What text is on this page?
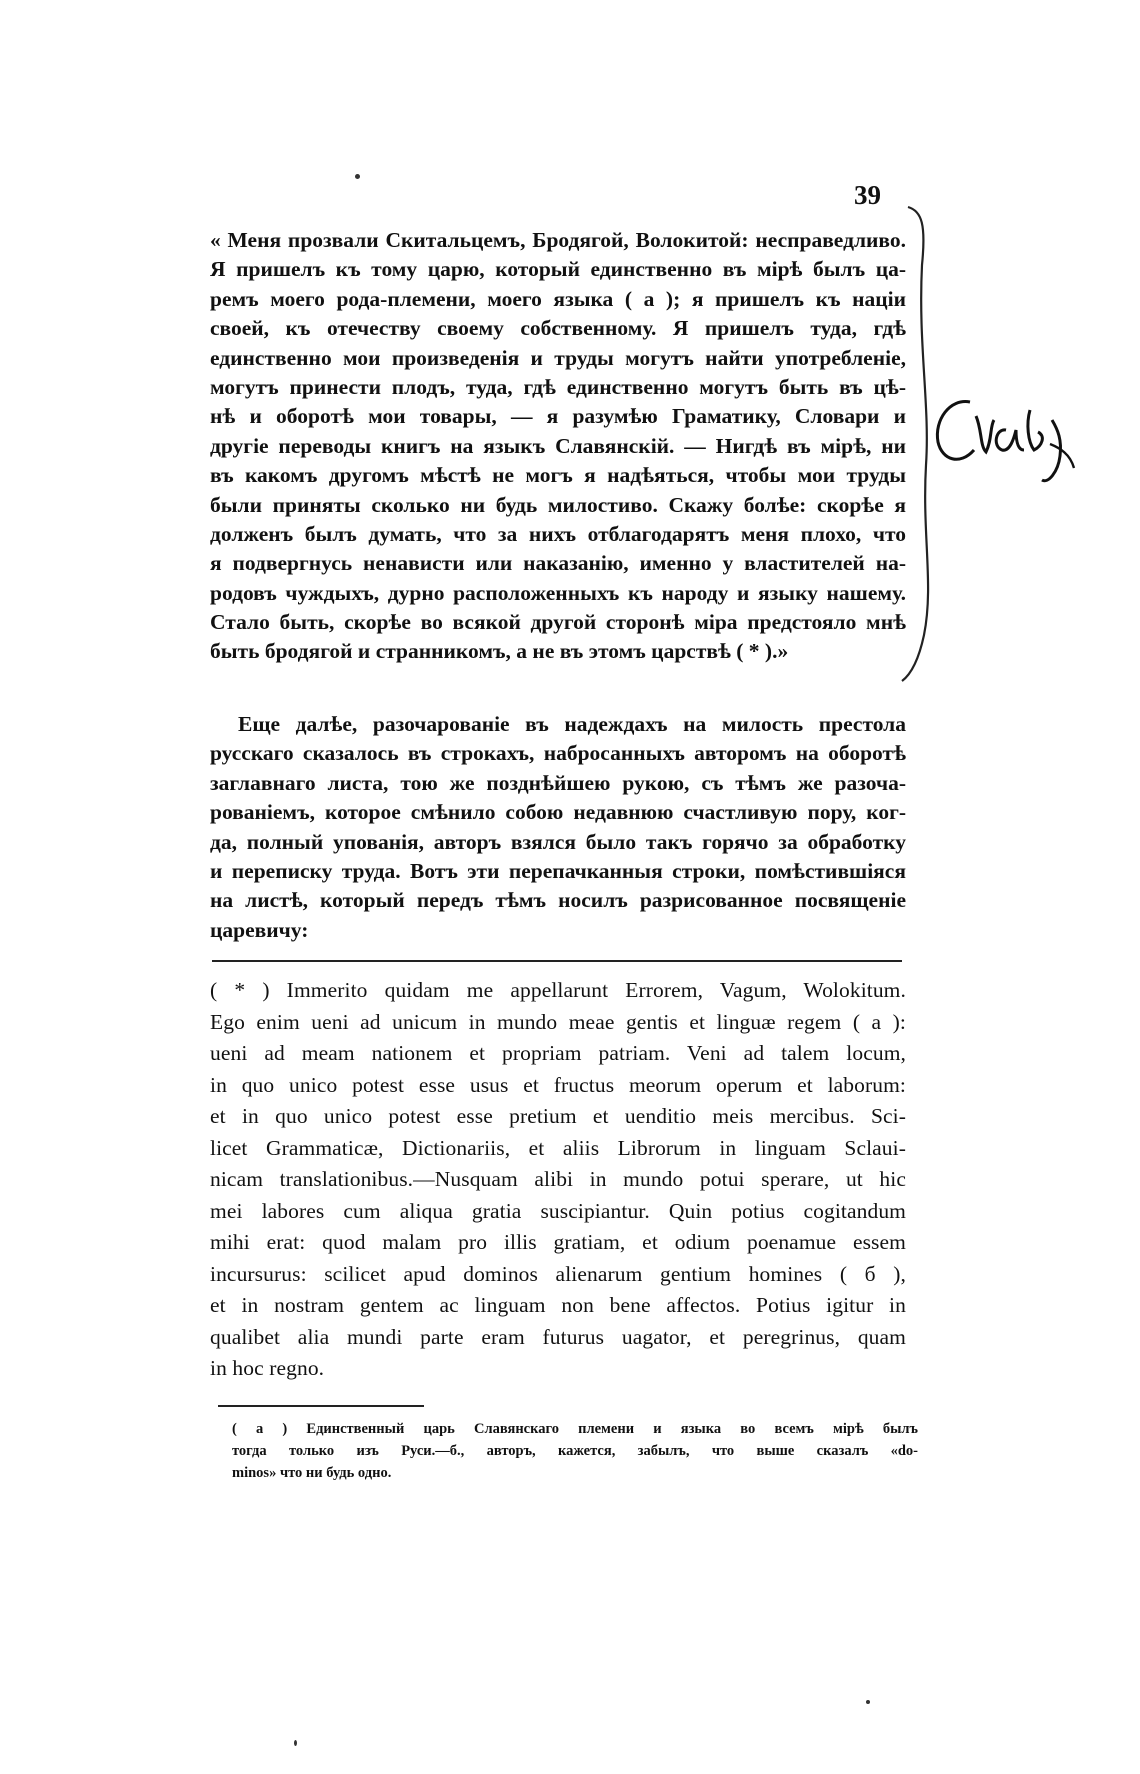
39
« Меня прозвали Скитальцемъ, Бродягой, Волокитой: несправедливо.
Я пришелъ къ тому царю, который единственно въ мірѣ былъ ца-
ремъ моего рода-племени, моего языка ( а ); я пришелъ къ націи
своей, къ отечеству своему собственному. Я пришелъ туда, гдѣ
единственно мои произведенія и труды могутъ найти употребленіе,
могутъ принести плодъ, туда, гдѣ единственно могутъ быть въ цѣ-
нѣ и оборотѣ мои товары, — я разумѣю Граматику, Словари и
другіе переводы книгъ на языкъ Славянскій. — Нигдѣ въ мірѣ, ни
въ какомъ другомъ мѣстѣ не могъ я надѣяться, чтобы мои труды
были приняты сколько ни будь милостиво. Скажу болѣе: скорѣе я
долженъ былъ думать, что за нихъ отблагодарятъ меня плохо, что
я подвергнусь ненависти или наказанію, именно у властителей на-
родовъ чуждыхъ, дурно расположенныхъ къ народу и языку нашему.
Стало быть, скорѣе во всякой другой сторонѣ міра предстояло мнѣ
быть бродягой и странникомъ, а не въ этомъ царствѣ ( * ).»
Еще далѣе, разочарованіе въ надеждахъ на милость престола
русскаго сказалось въ строкахъ, набросанныхъ авторомъ на оборотѣ
заглавнаго листа, тою же позднѣйшею рукою, съ тѣмъ же разоча-
рованіемъ, которое смѣнило собою недавнюю счастливую пору, ког-
да, полный упованія, авторъ взялся было такъ горячо за обработку
и переписку труда. Вотъ эти перепачканныя строки, помѣстившіяся
на листѣ, который передъ тѣмъ носилъ разрисованное посвященіе
царевичу:
( * ) Immerito quidam me appellarunt Errorem, Vagum, Wolokitum.
Ego enim ueni ad unicum in mundo meae gentis et linguæ regem ( a ):
ueni ad meam nationem et propriam patriam. Veni ad talem locum,
in quo unico potest esse usus et fructus meorum operum et laborum:
et in quo unico potest esse pretium et uenditio meis mercibus. Sci-
licet Grammaticæ, Dictionariis, et aliis Librorum in linguam Sclaui-
nicam translationibus.—Nusquam alibi in mundo potui sperare, ut hic
mei labores cum aliqua gratia suscipiantur. Quin potius cogitandum
mihi erat: quod malam pro illis gratiam, et odium poenamue essem
incursurus: scilicet apud dominos alienarum gentium homines ( б ),
et in nostram gentem ac linguam non bene affectos. Potius igitur in
qualibet alia mundi parte eram futurus uagator, et peregrinus, quam
in hoc regno.
( а ) Единственный царь Славянскаго племени и языка во всемъ мірѣ былъ
тогда только изъ Руси.—б., авторъ, кажется, забылъ, что выше сказалъ «do-
minos» что ни будь одно.
